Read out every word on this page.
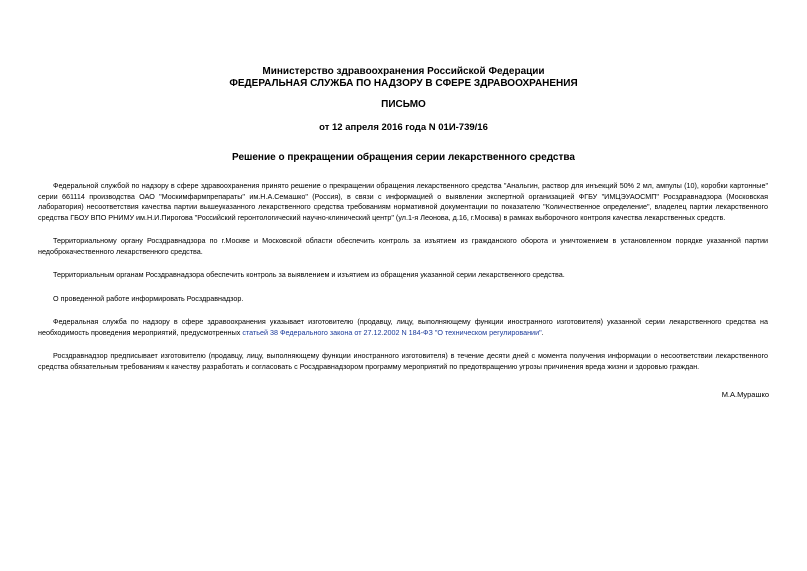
Министерство здравоохранения Российской Федерации
ФЕДЕРАЛЬНАЯ СЛУЖБА ПО НАДЗОРУ В СФЕРЕ ЗДРАВООХРАНЕНИЯ
ПИСЬМО
от 12 апреля 2016 года N 01И-739/16
Решение о прекращении обращения серии лекарственного средства

Федеральной службой по надзору в сфере здравоохранения принято решение о прекращении обращения лекарственного средства "Анальгин, раствор для инъекций 50% 2 мл, ампулы (10), коробки картонные" серии 661114 производства ОАО "Москимфармпрепараты" им.Н.А.Семашко" (Россия), в связи с информацией о выявлении экспертной организацией ФГБУ "ИМЦЭУАОСМП" Росздравнадзора (Московская лаборатория) несоответствия качества партии вышеуказанного лекарственного средства требованиям нормативной документации по показателю "Количественное определение", владелец партии лекарственного средства ГБОУ ВПО РНИМУ им.Н.И.Пирогова "Российский геронтологический научно-клинический центр" (ул.1-я Леонова, д.16, г.Москва) в рамках выборочного контроля качества лекарственных средств.

Территориальному органу Росздравнадзора по г.Москве и Московской области обеспечить контроль за изъятием из гражданского оборота и уничтожением в установленном порядке указанной партии недоброкачественного лекарственного средства.

Территориальным органам Росздравнадзора обеспечить контроль за выявлением и изъятием из обращения указанной серии лекарственного средства.

О проведенной работе информировать Росздравнадзор.

Федеральная служба по надзору в сфере здравоохранения указывает изготовителю (продавцу, лицу, выполняющему функции иностранного изготовителя) указанной серии лекарственного средства на необходимость проведения мероприятий, предусмотренных статьей 38 Федерального закона от 27.12.2002 N 184-ФЗ "О техническом регулировании".

Росздравнадзор предписывает изготовителю (продавцу, лицу, выполняющему функции иностранного изготовителя) в течение десяти дней с момента получения информации о несоответствии лекарственного средства обязательным требованиям к качеству разработать и согласовать с Росздравнадзором программу мероприятий по предотвращению угрозы причинения вреда жизни и здоровью граждан.

М.А.Мурашко
